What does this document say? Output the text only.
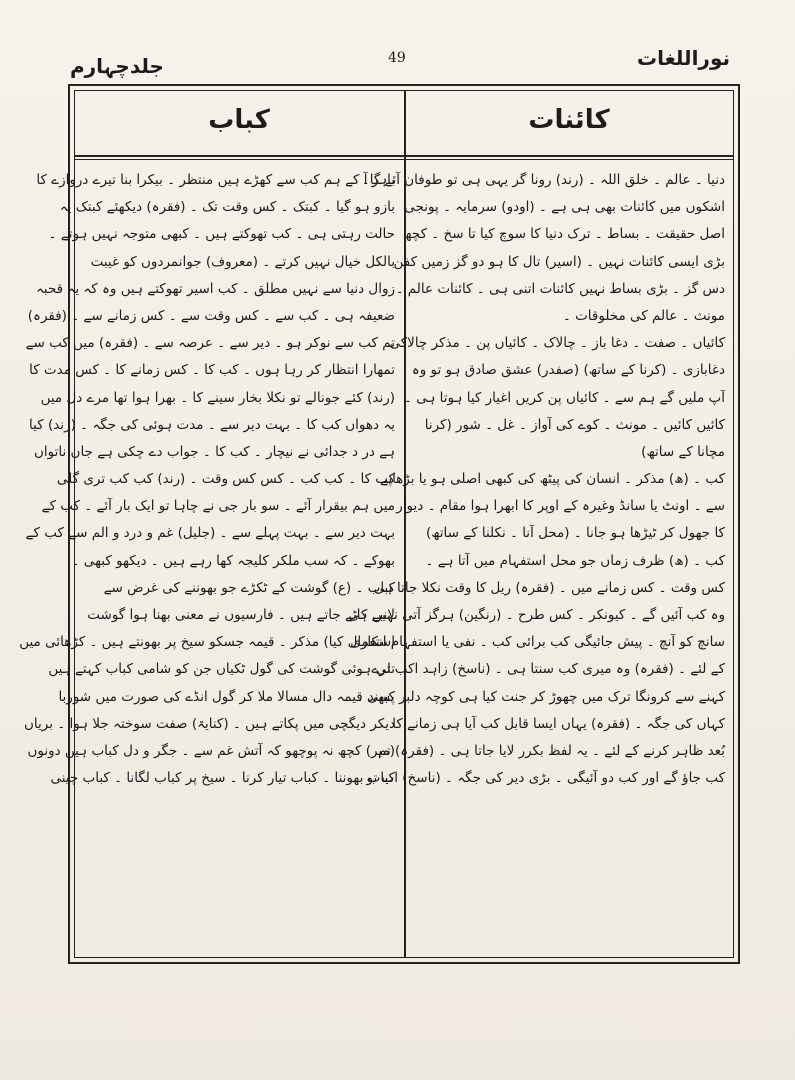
نوراللغات
49
جلدچہارم
کباب	کائنات
دنیا ۔ عالم ۔ خلق اللہ ۔ (رند) رونا گر یہی ہی تو طوفان آئے گا۔
اشکوں میں کائنات بھی ہی ہے ۔ (اودو) سرمایہ ۔ پونجی
اصل حقیقت ۔ بساط ۔ ترک دنیا کا سوچ کیا تا سخ ۔ کچھ
بڑی ایسی کائنات نہیں ۔ (اسیر) تال کا ہو دو گز زمیں کفن
دس گز ۔ بڑی بساط نہیں کائنات اتنی ہی ۔ کائنات عالم ۔
مونث ۔ عالم کی مخلوقات ۔
کائیاں ۔ صفت ۔ دغا باز ۔ چالاک ۔ کائیاں پن ۔ مذکر چالاکی
دغابازی ۔ (کرنا کے ساتھ) (صفدر) عشق صادق ہو تو وہ
آپ ملیں گے ہم سے ۔ کائیاں پن کریں اغیار کیا ہوتا ہی ۔
کائیں کائیں ۔ مونث ۔ کوے کی آواز ۔ غل ۔ شور (کرنا
مچانا کے ساتھ)
کب ۔ (ھ) مذکر ۔ انسان کی پیٹھ کی کبھی اصلی ہو یا بڑھاپے
سے ۔ اونٹ یا سانڈ وغیرہ کے اوپر کا ابھرا ہوا مقام ۔ دیوار
کا جھول کر ٹیڑھا ہو جانا ۔ (محل آنا ۔ نکلنا کے ساتھ)
کب ۔ (ھ) ظرف زماں جو محل استفہام میں آتا ہے ۔
کس وقت ۔ کس زمانے میں ۔ (فقرہ) ریل کا وقت نکلا جاتا ہی
وہ کب آئیں گے ۔ کیونکر ۔ کس طرح ۔ (رنگین) ہرگز آتی نہیں ہی
سانچ کو آنچ ۔ پیش جائیگی کب برائی کب ۔ نفی یا استفہام انکاری
کے لئے ۔ (فقرہ) وہ میری کب سنتا ہی ۔ (ناسخ) زاہد اکب ترے
کہنے سے کرونگا ترک میں چھوڑ کر جنت کیا ہی کوچہ دلبر پسند ۔
کہاں کی جگہ ۔ (فقرہ) یہاں ایسا قابل کب آیا ہی زمانے کا
بُعد ظاہر کرنے کے لئے ۔ یہ لفظ بکرر لایا جاتا ہی ۔ (فقرہ) تم
کب جاؤ گے اور کب دو آئیگی ۔ بڑی دیر کی جگہ ۔ (ناسخ) اب تو
باہر آ کے ہم کب سے کھڑے ہیں منتظر ۔ بیکرا بنا تیرے دروازے کا
بازو ہو گیا ۔ کبتک ۔ کس وقت تک ۔ (فقرہ) دیکھئے کبتک یہ
حالت رہتی ہی ۔ کب تھوکتے ہیں ۔ کبھی متوجہ نہیں ہوتے ۔
بالکل خیال نہیں کرتے ۔ (معروف) جوانمردوں کو غیبت
زوال دنیا سے نہیں مطلق ۔ کب اسیر تھوکتے ہیں وہ کہ یہ قحبہ
ضعیفہ ہی ۔ کب سے ۔ کس وقت سے ۔ کس زمانے سے ۔ (فقرہ)
تم کب سے نوکر ہو ۔ دیر سے ۔ عرصہ سے ۔ (فقرہ) میں کب سے
تمھارا انتظار کر رہا ہوں ۔ کب کا ۔ کس زمانے کا ۔ کس مدت کا
(رند) کئے جونالے تو نکلا بخار سینے کا ۔ بھرا ہوا تھا مرے دل میں
یہ دھواں کب کا ۔ بہت دیر سے ۔ مدت ہوئی کی جگہ ۔ (رند) کیا
ہے در د جدائی نے نیچار ۔ کب کا ۔ جواب دے چکی ہے جان ناتواں
کب کا ۔ کب کب ۔ کس کس وقت ۔ (رند) کب کب تری گلی
میں ہم بیقرار آئے ۔ سو بار جی نے چاہا تو ایک بار آئے ۔ کب کے
بہت دیر سے ۔ بہت پہلے سے ۔ (جلیل) غم و درد و الم سے کب کے
بھوکے ۔ کہ سب ملکر کلیجہ کھا رہے ہیں ۔ دیکھو کبھی ۔
کباب ۔ (ع) گوشت کے ٹکڑے جو بھوننے کی غرض سے
لانبے کاٹے جاتے ہیں ۔ فارسیوں نے معنی بھنا ہوا گوشت
استعمال کیا) مذکر ۔ قیمہ جسکو سیخ پر بھونتے ہیں ۔ کڑھائی میں
تلی ہوئی گوشت کی گول ٹکیاں جن کو شامی کباب کہتے ہیں
کبھی قیمہ دال مسالا ملا کر گول انڈے کی صورت میں شوربا
دیکر دیگچی میں پکاتے ہیں ۔ (کنایۃ) صفت سوختہ جلا ہوا ۔ بریاں
(میر) کچھ نہ پوچھو کہ آتش غم سے ۔ جگر و دل کباب ہیں دونوں
کباب بھوننا ۔ کباب تیار کرنا ۔ سیخ پر کباب لگانا ۔ کباب چینی
